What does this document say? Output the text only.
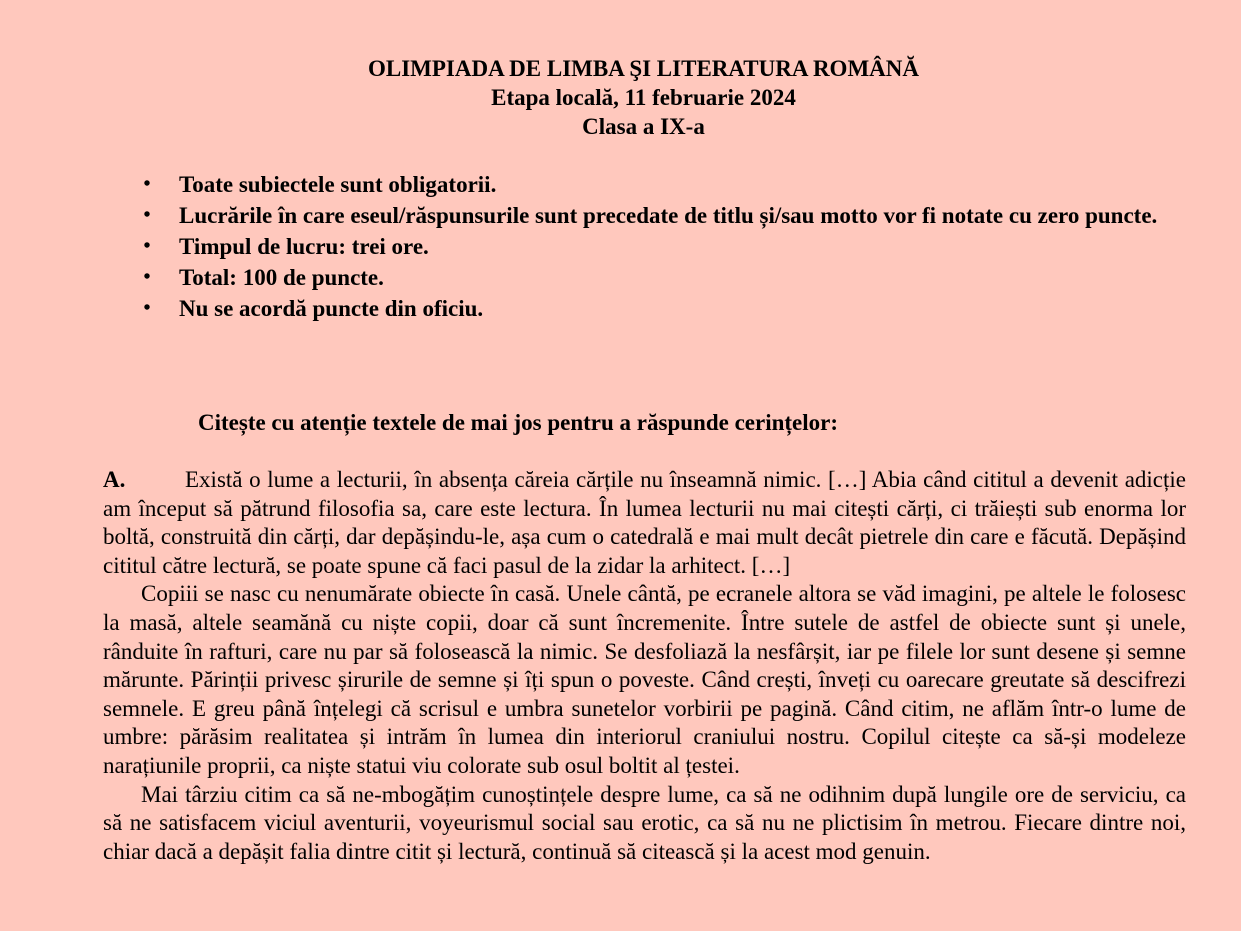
OLIMPIADA DE LIMBA ŞI LITERATURA ROMÂNĂ
Etapa locală, 11 februarie 2024
Clasa a IX-a
• Toate subiectele sunt obligatorii.
• Lucrările în care eseul/răspunsurile sunt precedate de titlu și/sau motto vor fi notate cu zero puncte.
• Timpul de lucru: trei ore.
• Total: 100 de puncte.
• Nu se acordă puncte din oficiu.
Citește cu atenție textele de mai jos pentru a răspunde cerințelor:

A.	Există o lume a lecturii, în absența căreia cărțile nu înseamnă nimic. […] Abia când cititul a devenit adicție am început să pătrund filosofia sa, care este lectura. În lumea lecturii nu mai citești cărți, ci trăiești sub enorma lor boltă, construită din cărți, dar depășindu-le, așa cum o catedrală e mai mult decât pietrele din care e făcută. Depășind cititul către lectură, se poate spune că faci pasul de la zidar la arhitect. […]

Copiii se nasc cu nenumărate obiecte în casă. Unele cântă, pe ecranele altora se văd imagini, pe altele le folosesc la masă, altele seamănă cu niște copii, doar că sunt încremenite. Între sutele de astfel de obiecte sunt și unele, rânduite în rafturi, care nu par să folosească la nimic. Se desfoliază la nesfârșit, iar pe filele lor sunt desene și semne mărunte. Părinții privesc șirurile de semne și îți spun o poveste. Când crești, înveți cu oarecare greutate să descifrezi semnele. E greu până înțelegi că scrisul e umbra sunetelor vorbirii pe pagină. Când citim, ne aflăm într-o lume de umbre: părăsim realitatea și intrăm în lumea din interiorul craniului nostru. Copilul citește ca să-și modeleze narațiunile proprii, ca niște statui viu colorate sub osul boltit al țestei.

Mai târziu citim ca să ne-mbogățim cunoștințele despre lume, ca să ne odihnim după lungile ore de serviciu, ca să ne satisfacem viciul aventurii, voyeurismul social sau erotic, ca să nu ne plictisim în metrou. Fiecare dintre noi, chiar dacă a depășit falia dintre citit și lectură, continuă să citească și la acest mod genuin.
